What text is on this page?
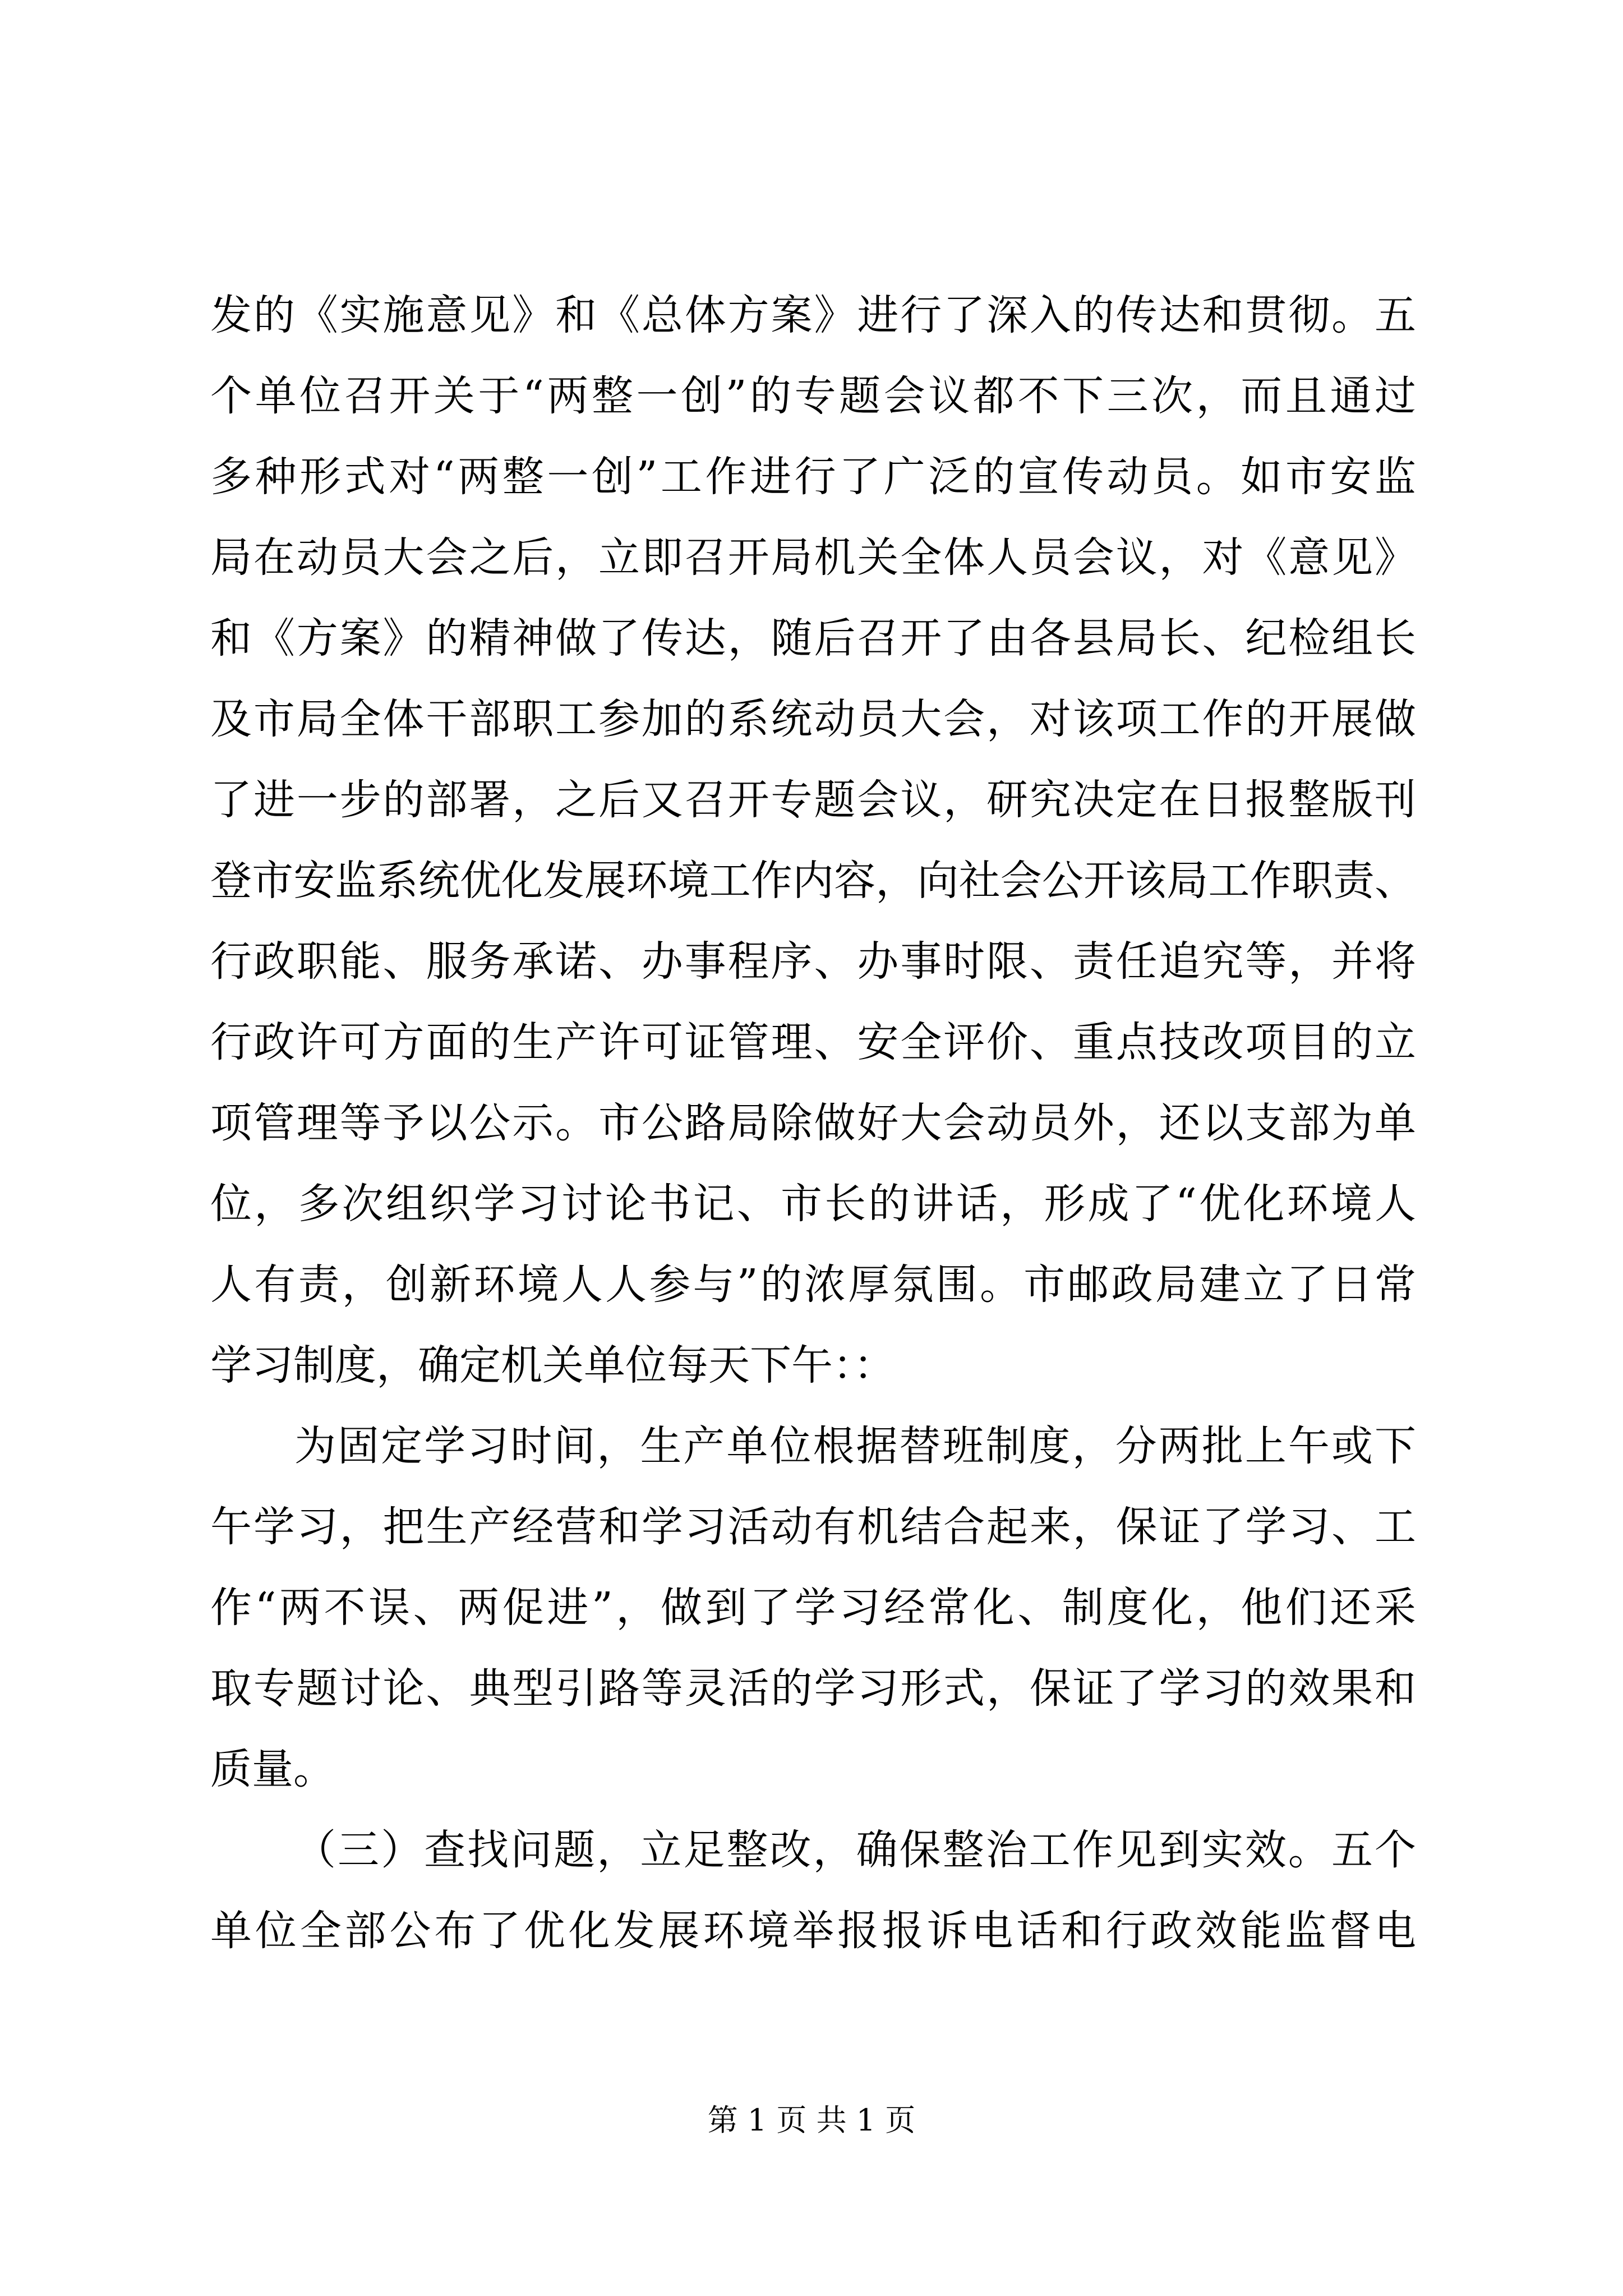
发的《实施意见》和《总体方案》进行了深入的传达和贯彻。五
个单位召开关于“两整一创”的专题会议都不下三次，而且通过
多种形式对“两整一创”工作进行了广泛的宣传动员。如市安监
局在动员大会之后，立即召开局机关全体人员会议，对《意见》
和《方案》的精神做了传达，随后召开了由各县局长、纪检组长
及市局全体干部职工参加的系统动员大会，对该项工作的开展做
了进一步的部署，之后又召开专题会议，研究决定在日报整版刊
登市安监系统优化发展环境工作内容，向社会公开该局工作职责、
行政职能、服务承诺、办事程序、办事时限、责任追究等，并将
行政许可方面的生产许可证管理、安全评价、重点技改项目的立
项管理等予以公示。市公路局除做好大会动员外，还以支部为单
位，多次组织学习讨论书记、市长的讲话，形成了“优化环境人
人有责，创新环境人人参与”的浓厚氛围。市邮政局建立了日常
学习制度，确定机关单位每天下午：：
为固定学习时间，生产单位根据替班制度，分两批上午或下
午学习，把生产经营和学习活动有机结合起来，保证了学习、工
作“两不误、两促进”，做到了学习经常化、制度化，他们还采
取专题讨论、典型引路等灵活的学习形式，保证了学习的效果和
质量。
（三）查找问题，立足整改，确保整治工作见到实效。五个
单位全部公布了优化发展环境举报报诉电话和行政效能监督电
第 1 页 共 1 页
